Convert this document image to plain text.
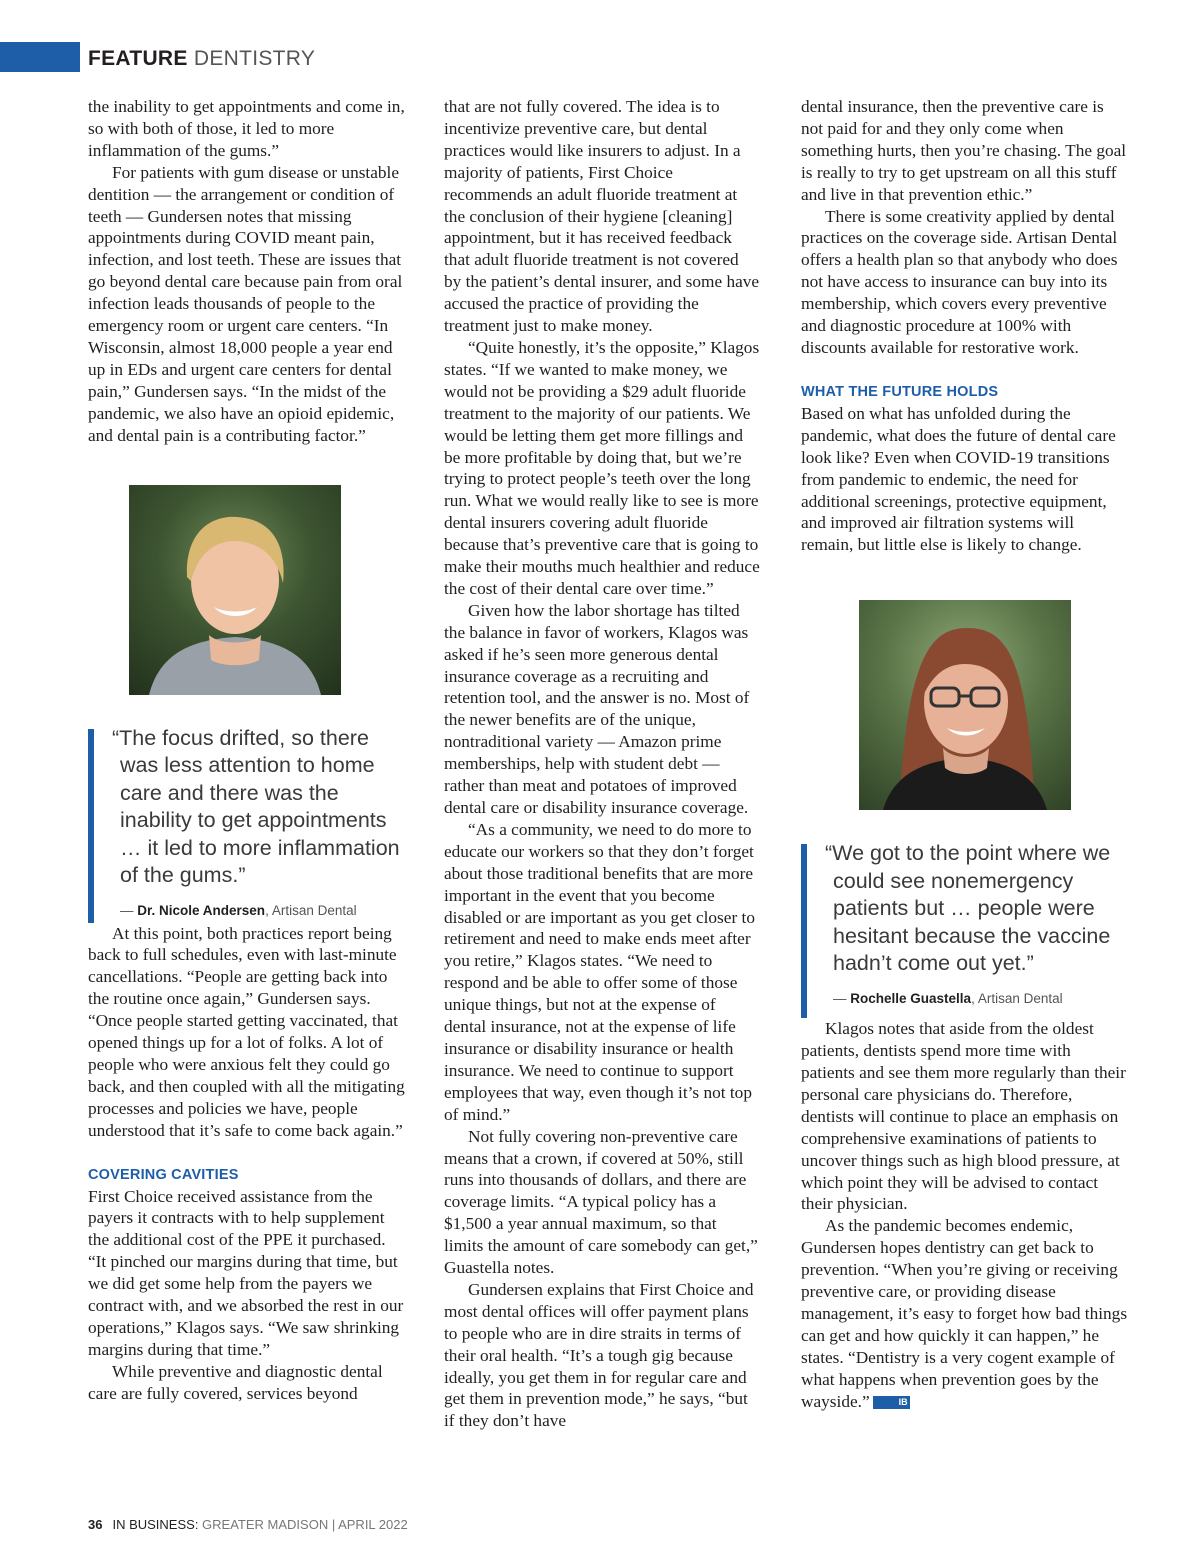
FEATURE DENTISTRY

the inability to get appointments and come in, so with both of those, it led to more inflammation of the gums.”

For patients with gum disease or unstable dentition — the arrangement or condition of teeth — Gundersen notes that missing appointments during COVID meant pain, infection, and lost teeth. These are issues that go beyond dental care because pain from oral infection leads thousands of people to the emergency room or urgent care centers. “In Wisconsin, almost 18,000 people a year end up in EDs and urgent care centers for dental pain,” Gundersen says. “In the midst of the pandemic, we also have an opioid epidemic, and dental pain is a contributing factor.”

“The focus drifted, so there was less attention to home care and there was the inability to get appointments … it led to more inflammation of the gums.”
— Dr. Nicole Andersen, Artisan Dental

At this point, both practices report being back to full schedules, even with last-minute cancellations. “People are getting back into the routine once again,” Gundersen says. “Once people started getting vaccinated, that opened things up for a lot of folks. A lot of people who were anxious felt they could go back, and then coupled with all the mitigating processes and policies we have, people understood that it’s safe to come back again.”

COVERING CAVITIES

First Choice received assistance from the payers it contracts with to help supplement the additional cost of the PPE it purchased. “It pinched our margins during that time, but we did get some help from the payers we contract with, and we absorbed the rest in our operations,” Klagos says. “We saw shrinking margins during that time.”

While preventive and diagnostic dental care are fully covered, services beyond

that are not fully covered. The idea is to incentivize preventive care, but dental practices would like insurers to adjust. In a majority of patients, First Choice recommends an adult fluoride treatment at the conclusion of their hygiene [cleaning] appointment, but it has received feedback that adult fluoride treatment is not covered by the patient’s dental insurer, and some have accused the practice of providing the treatment just to make money.

“Quite honestly, it’s the opposite,” Klagos states. “If we wanted to make money, we would not be providing a $29 adult fluoride treatment to the majority of our patients. We would be letting them get more fillings and be more profitable by doing that, but we’re trying to protect people’s teeth over the long run. What we would really like to see is more dental insurers covering adult fluoride because that’s preventive care that is going to make their mouths much healthier and reduce the cost of their dental care over time.”

Given how the labor shortage has tilted the balance in favor of workers, Klagos was asked if he’s seen more generous dental insurance coverage as a recruiting and retention tool, and the answer is no. Most of the newer benefits are of the unique, nontraditional variety — Amazon prime memberships, help with student debt — rather than meat and potatoes of improved dental care or disability insurance coverage.

“As a community, we need to do more to educate our workers so that they don’t forget about those traditional benefits that are more important in the event that you become disabled or are important as you get closer to retirement and need to make ends meet after you retire,” Klagos states. “We need to respond and be able to offer some of those unique things, but not at the expense of dental insurance, not at the expense of life insurance or disability insurance or health insurance. We need to continue to support employees that way, even though it’s not top of mind.”

Not fully covering non-preventive care means that a crown, if covered at 50%, still runs into thousands of dollars, and there are coverage limits. “A typical policy has a $1,500 a year annual maximum, so that limits the amount of care somebody can get,” Guastella notes.

Gundersen explains that First Choice and most dental offices will offer payment plans to people who are in dire straits in terms of their oral health. “It’s a tough gig because ideally, you get them in for regular care and get them in prevention mode,” he says, “but if they don’t have

dental insurance, then the preventive care is not paid for and they only come when something hurts, then you’re chasing. The goal is really to try to get upstream on all this stuff and live in that prevention ethic.”

There is some creativity applied by dental practices on the coverage side. Artisan Dental offers a health plan so that anybody who does not have access to insurance can buy into its membership, which covers every preventive and diagnostic procedure at 100% with discounts available for restorative work.

WHAT THE FUTURE HOLDS

Based on what has unfolded during the pandemic, what does the future of dental care look like? Even when COVID-19 transitions from pandemic to endemic, the need for additional screenings, protective equipment, and improved air filtration systems will remain, but little else is likely to change.

“We got to the point where we could see nonemergency patients but … people were hesitant because the vaccine hadn’t come out yet.”
— Rochelle Guastella, Artisan Dental

Klagos notes that aside from the oldest patients, dentists spend more time with patients and see them more regularly than their personal care physicians do. Therefore, dentists will continue to place an emphasis on comprehensive examinations of patients to uncover things such as high blood pressure, at which point they will be advised to contact their physician.

As the pandemic becomes endemic, Gundersen hopes dentistry can get back to prevention. “When you’re giving or receiving preventive care, or providing disease management, it’s easy to forget how bad things can get and how quickly it can happen,” he states. “Dentistry is a very cogent example of what happens when prevention goes by the wayside.”	IB

36 IN BUSINESS: GREATER MADISON | APRIL 2022
